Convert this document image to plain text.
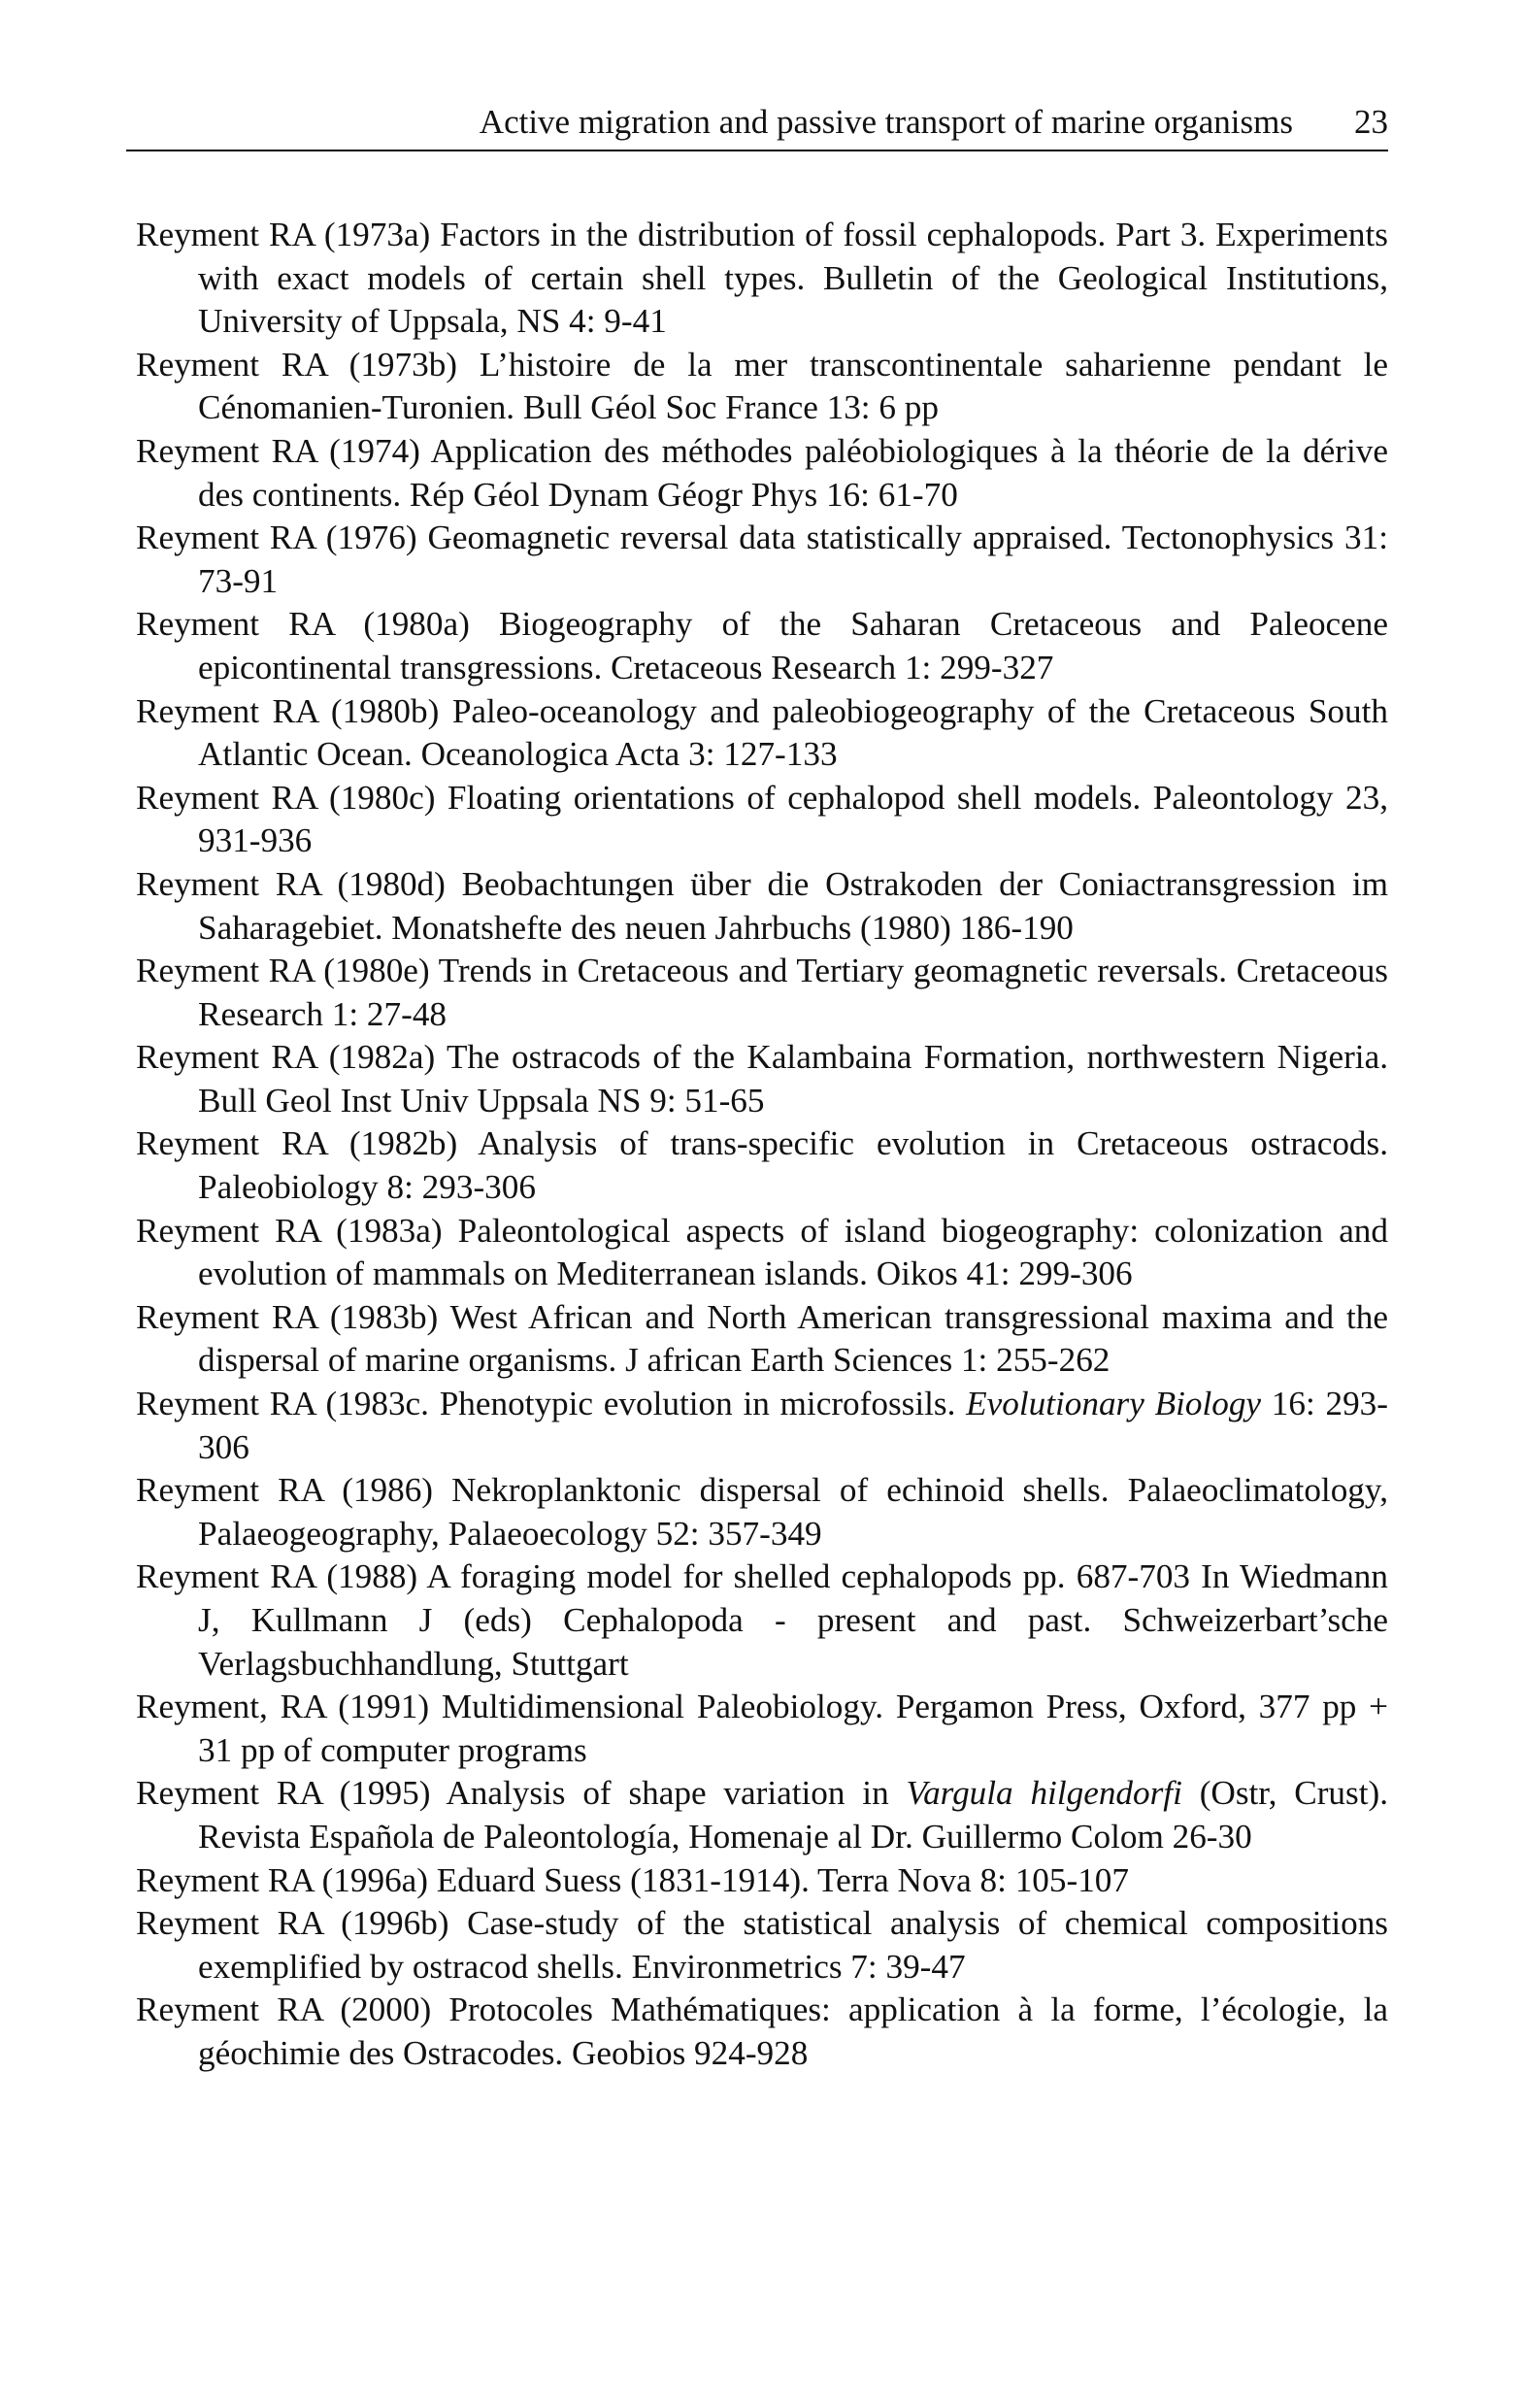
Active migration and passive transport of marine organisms 23
Reyment RA (1973a) Factors in the distribution of fossil cephalopods. Part 3. Experiments with exact models of certain shell types. Bulletin of the Geological Institutions, University of Uppsala, NS 4: 9-41
Reyment RA (1973b) L’histoire de la mer transcontinentale saharienne pendant le Cénomanien-Turonien. Bull Géol Soc France 13: 6 pp
Reyment RA (1974) Application des méthodes paléobiologiques à la théorie de la dérive des continents. Rép Géol Dynam Géogr Phys 16: 61-70
Reyment RA (1976) Geomagnetic reversal data statistically appraised. Tectonophysics 31: 73-91
Reyment RA (1980a) Biogeography of the Saharan Cretaceous and Paleocene epicontinental transgressions. Cretaceous Research 1: 299-327
Reyment RA (1980b) Paleo-oceanology and paleobiogeography of the Cretaceous South Atlantic Ocean. Oceanologica Acta 3: 127-133
Reyment RA (1980c) Floating orientations of cephalopod shell models. Paleontology 23, 931-936
Reyment RA (1980d) Beobachtungen über die Ostrakoden der Coniactransgression im Saharagebiet. Monatshefte des neuen Jahrbuchs (1980) 186-190
Reyment RA (1980e) Trends in Cretaceous and Tertiary geomagnetic reversals. Cretaceous Research 1: 27-48
Reyment RA (1982a) The ostracods of the Kalambaina Formation, northwestern Nigeria. Bull Geol Inst Univ Uppsala NS 9: 51-65
Reyment RA (1982b) Analysis of trans-specific evolution in Cretaceous ostracods. Paleobiology 8: 293-306
Reyment RA (1983a) Paleontological aspects of island biogeography: colonization and evolution of mammals on Mediterranean islands. Oikos 41: 299-306
Reyment RA (1983b) West African and North American transgressional maxima and the dispersal of marine organisms. J african Earth Sciences 1: 255-262
Reyment RA (1983c. Phenotypic evolution in microfossils. Evolutionary Biology 16: 293-306
Reyment RA (1986) Nekroplanktonic dispersal of echinoid shells. Palaeoclimatology, Palaeogeography, Palaeoecology 52: 357-349
Reyment RA (1988) A foraging model for shelled cephalopods pp. 687-703 In Wiedmann J, Kullmann J (eds) Cephalopoda - present and past. Schweizerbart’sche Verlagsbuchhandlung, Stuttgart
Reyment, RA (1991) Multidimensional Paleobiology. Pergamon Press, Oxford, 377 pp + 31 pp of computer programs
Reyment RA (1995) Analysis of shape variation in Vargula hilgendorfi (Ostr, Crust). Revista Española de Paleontología, Homenaje al Dr. Guillermo Colom 26-30
Reyment RA (1996a) Eduard Suess (1831-1914). Terra Nova 8: 105-107
Reyment RA (1996b) Case-study of the statistical analysis of chemical compositions exemplified by ostracod shells. Environmetrics 7: 39-47
Reyment RA (2000) Protocoles Mathématiques: application à la forme, l’écologie, la géochimie des Ostracodes. Geobios 924-928
